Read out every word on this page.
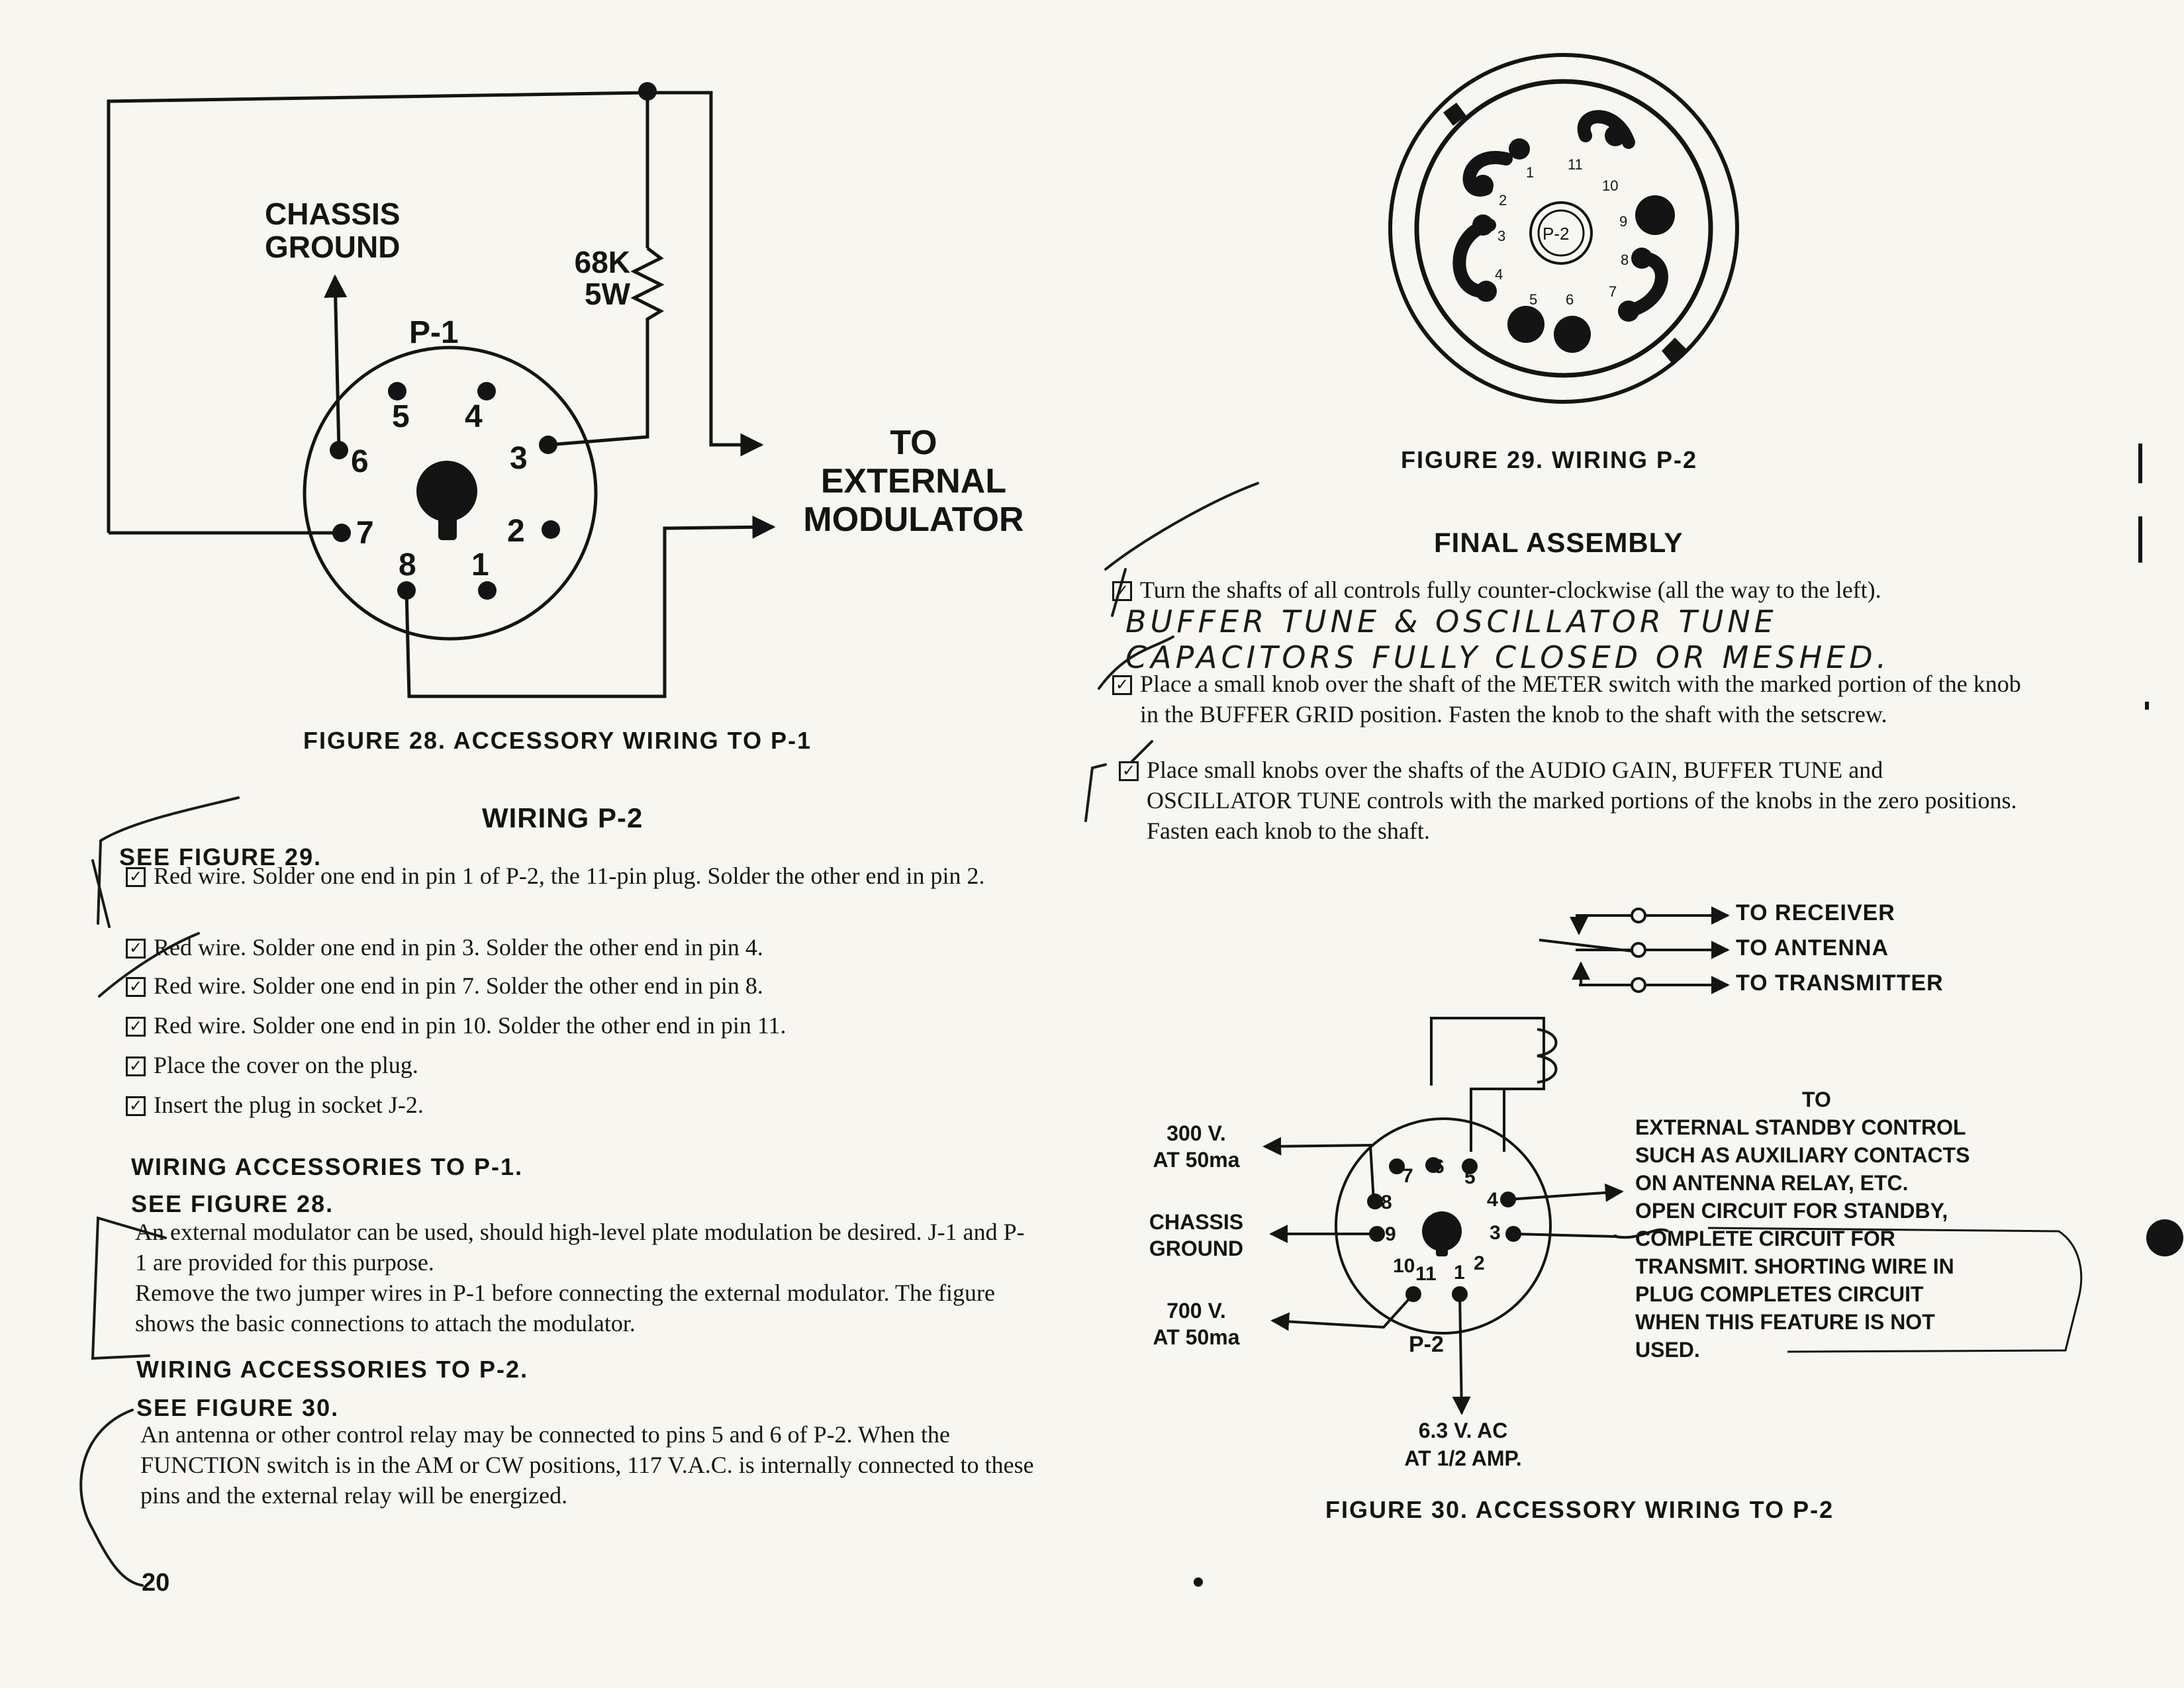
CHASSIS
GROUND	68K
5W
P-1
5 4
6	3
7	2
8 1
TO
EXTERNAL
MODULATOR
FIGURE 28. ACCESSORY WIRING TO P-1
WIRING P-2
SEE FIGURE 29.
✓ Red wire. Solder one end in pin 1 of P-2, the 11-pin plug. Solder the other end in pin 2.
✓ Red wire. Solder one end in pin 3. Solder the other end in pin 4.
✓ Red wire. Solder one end in pin 7. Solder the other end in pin 8.
✓ Red wire. Solder one end in pin 10. Solder the other end in pin 11.
✓ Place the cover on the plug.
✓ Insert the plug in socket J-2.
WIRING ACCESSORIES TO P-1.
SEE FIGURE 28.
An external modulator can be used, should high-level plate modulation be desired. J-1 and P-1 are provided for this purpose.
Remove the two jumper wires in P-1 before connecting the external modulator. The figure shows the basic connections to attach the modulator.
WIRING ACCESSORIES TO P-2.
SEE FIGURE 30.
An antenna or other control relay may be connected to pins 5 and 6 of P-2. When the FUNCTION switch is in the AM or CW positions, 117 V.A.C. is internally connected to these pins and the external relay will be energized.
20
P-2
1
2
3
4
5 6 7
8
9
10
11
FIGURE 29. WIRING P-2
FINAL ASSEMBLY
✓ Turn the shafts of all controls fully counter-clockwise (all the way to the left).
BUFFER TUNE & OSCILLATOR TUNE
CAPACITORS FULLY CLOSED OR MESHED.
✓ Place a small knob over the shaft of the METER switch with the marked portion of the knob in the BUFFER GRID position. Fasten the knob to the shaft with the setscrew.
✓ Place small knobs over the shafts of the AUDIO GAIN, BUFFER TUNE and OSCILLATOR TUNE controls with the marked portions of the knobs in the zero positions. Fasten each knob to the shaft.
TO RECEIVER
TO ANTENNA
TO TRANSMITTER
300 V.
AT 50ma
CHASSIS
GROUND
700 V.
AT 50ma
6.3 V. AC
AT 1/2 AMP.
P-2
7 6 5
8	4
9	3
10 11 1 2
TO
EXTERNAL STANDBY CONTROL
SUCH AS AUXILIARY CONTACTS
ON ANTENNA RELAY, ETC.
OPEN CIRCUIT FOR STANDBY,
COMPLETE CIRCUIT FOR
TRANSMIT. SHORTING WIRE IN
PLUG COMPLETES CIRCUIT
WHEN THIS FEATURE IS NOT
USED.
FIGURE 30. ACCESSORY WIRING TO P-2
